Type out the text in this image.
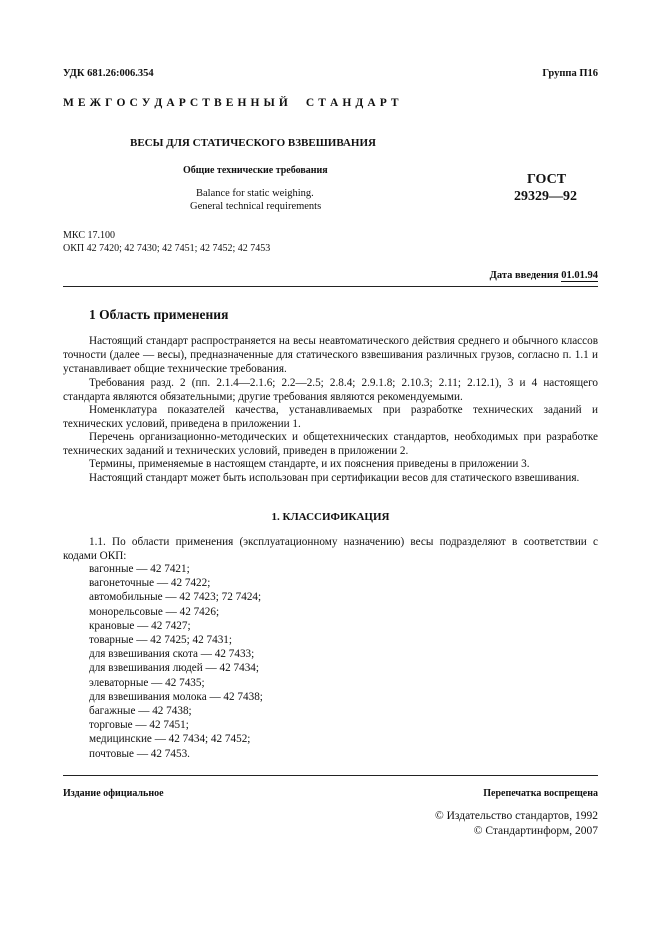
УДК 681.26:006.354	Группа П16
М Е Ж Г О С У Д А Р С Т В Е Н Н Ы Й     С Т А Н Д А Р Т
ВЕСЫ ДЛЯ СТАТИЧЕСКОГО ВЗВЕШИВАНИЯ
Общие технические требования
Balance for static weighing.
General technical requirements
ГОСТ
29329—92
МКС 17.100
ОКП 42 7420; 42 7430; 42 7451; 42 7452; 42 7453
Дата введения 01.01.94
1 Область применения
Настоящий стандарт распространяется на весы неавтоматического действия среднего и обычного классов точности (далее — весы), предназначенные для статического взвешивания различных грузов, согласно п. 1.1 и устанавливает общие технические требования.
Требования разд. 2 (пп. 2.1.4—2.1.6; 2.2—2.5; 2.8.4; 2.9.1.8; 2.10.3; 2.11; 2.12.1), 3 и 4 настоящего стандарта являются обязательными; другие требования являются рекомендуемыми.
Номенклатура показателей качества, устанавливаемых при разработке технических заданий и технических условий, приведена в приложении 1.
Перечень организационно-методических и общетехнических стандартов, необходимых при разработке технических заданий и технических условий, приведен в приложении 2.
Термины, применяемые в настоящем стандарте, и их пояснения приведены в приложении 3.
Настоящий стандарт может быть использован при сертификации весов для статического взвешивания.
1. КЛАССИФИКАЦИЯ
1.1. По области применения (эксплуатационному назначению) весы подразделяют в соответствии с кодами ОКП:
вагонные — 42 7421;
вагонеточные — 42 7422;
автомобильные — 42 7423; 72 7424;
монорельсовые — 42 7426;
крановые — 42 7427;
товарные — 42 7425; 42 7431;
для взвешивания скота — 42 7433;
для взвешивания людей — 42 7434;
элеваторные — 42 7435;
для взвешивания молока — 42 7438;
багажные — 42 7438;
торговые — 42 7451;
медицинские — 42 7434; 42 7452;
почтовые — 42 7453.
Издание официальное	Перепечатка воспрещена
© Издательство стандартов, 1992
© Стандартинформ, 2007
